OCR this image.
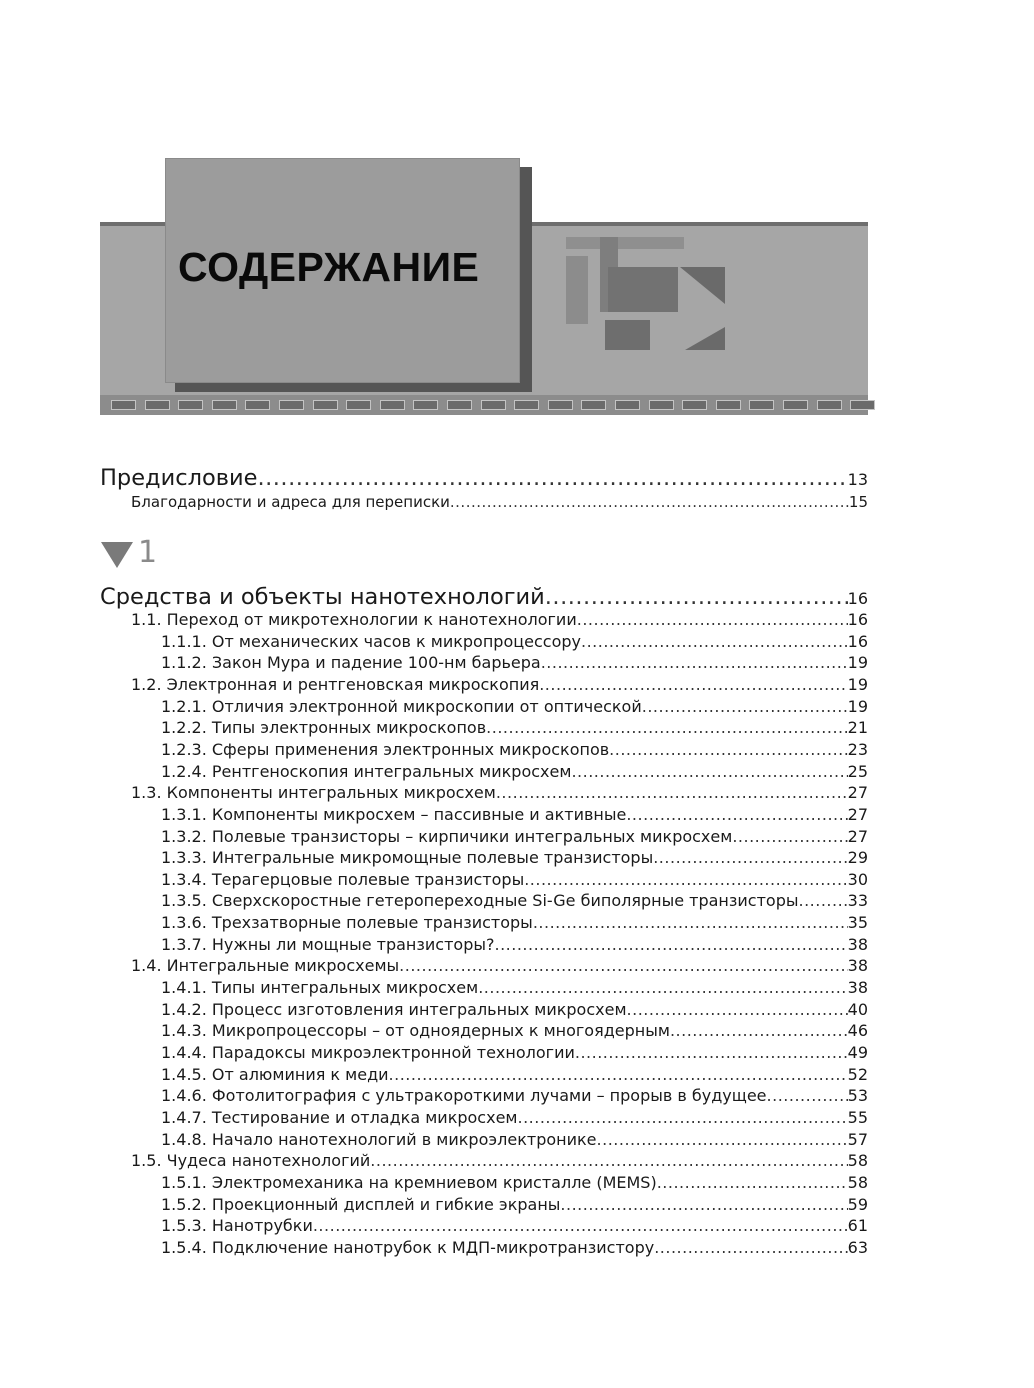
СОДЕРЖАНИЕ
Предисловие .....	13
Благодарности и адреса для переписки .....	15
1
Средства и объекты нанотехнологий .....	16
1.1. Переход от микротехнологии к нанотехнологии .....	16
1.1.1. От механических часов к микропроцессору .....	16
1.1.2. Закон Мура и падение 100-нм барьера .....	19
1.2. Электронная и рентгеновская микроскопия .....	19
1.2.1. Отличия электронной микроскопии от оптической .....	19
1.2.2. Типы электронных микроскопов .....	21
1.2.3. Сферы применения электронных микроскопов .....	23
1.2.4. Рентгеноскопия интегральных микросхем .....	25
1.3. Компоненты интегральных микросхем .....	27
1.3.1. Компоненты микросхем – пассивные и активные .....	27
1.3.2. Полевые транзисторы – кирпичики интегральных микросхем .....	27
1.3.3. Интегральные микромощные полевые транзисторы .....	29
1.3.4. Терагерцовые полевые транзисторы .....	30
1.3.5. Сверхскоростные гетеропереходные Si-Ge биполярные транзисторы .....	33
1.3.6. Трехзатворные полевые транзисторы .....	35
1.3.7. Нужны ли мощные транзисторы? .....	38
1.4. Интегральные микросхемы .....	38
1.4.1. Типы интегральных микросхем .....	38
1.4.2. Процесс изготовления интегральных микросхем .....	40
1.4.3. Микропроцессоры – от одноядерных к многоядерным .....	46
1.4.4. Парадоксы микроэлектронной технологии .....	49
1.4.5. От алюминия к меди .....	52
1.4.6. Фотолитография с ультракороткими лучами – прорыв в будущее .....	53
1.4.7. Тестирование и отладка микросхем .....	55
1.4.8. Начало нанотехнологий в микроэлектронике .....	57
1.5. Чудеса нанотехнологий .....	58
1.5.1. Электромеханика на кремниевом кристалле (MEMS) .....	58
1.5.2. Проекционный дисплей и гибкие экраны .....	59
1.5.3. Нанотрубки .....	61
1.5.4. Подключение нанотрубок к МДП-микротранзистору .....	63
